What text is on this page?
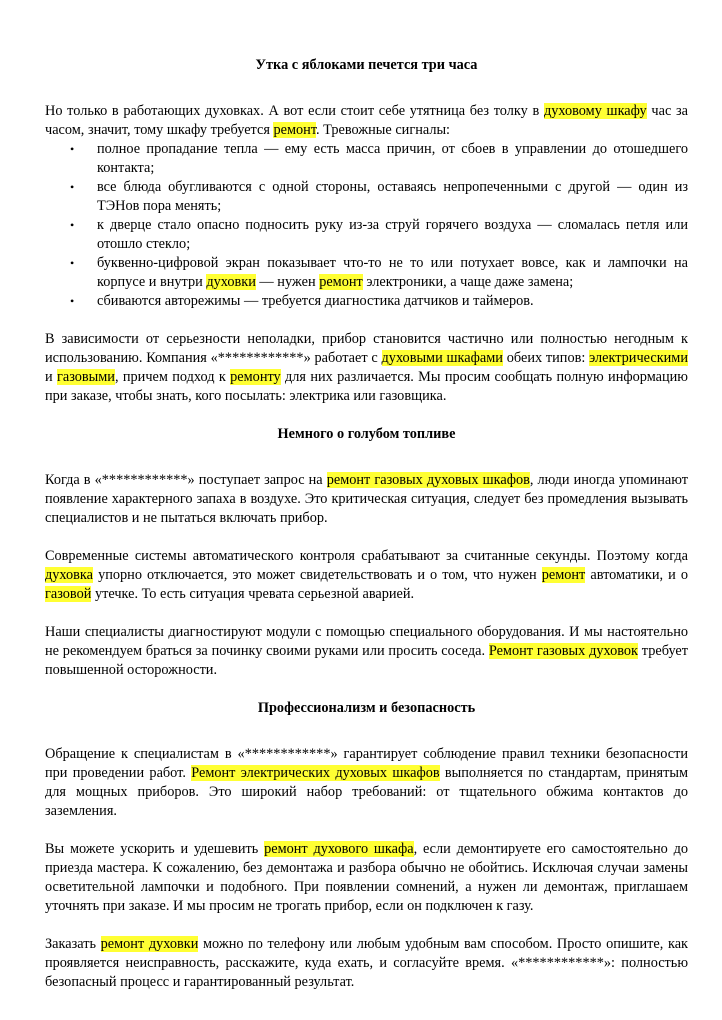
Утка с яблоками печется три часа

Но только в работающих духовках. А вот если стоит себе утятница без толку в духовому шкафу час за часом, значит, тому шкафу требуется ремонт. Тревожные сигналы:

• полное пропадание тепла — ему есть масса причин, от сбоев в управлении до отошедшего контакта;
• все блюда обугливаются с одной стороны, оставаясь непропеченными с другой — один из ТЭНов пора менять;
• к дверце стало опасно подносить руку из-за струй горячего воздуха — сломалась петля или отошло стекло;
• буквенно-цифровой экран показывает что-то не то или потухает вовсе, как и лампочки на корпусе и внутри духовки — нужен ремонт электроники, а чаще даже замена;
• сбиваются авторежимы — требуется диагностика датчиков и таймеров.

В зависимости от серьезности неполадки, прибор становится частично или полностью негодным к использованию. Компания «************» работает с духовыми шкафами обеих типов: электрическими и газовыми, причем подход к ремонту для них различается. Мы просим сообщать полную информацию при заказе, чтобы знать, кого посылать: электрика или газовщика.

Немного о голубом топливе

Когда в «************» поступает запрос на ремонт газовых духовых шкафов, люди иногда упоминают появление характерного запаха в воздухе. Это критическая ситуация, следует без промедления вызывать специалистов и не пытаться включать прибор.

Современные системы автоматического контроля срабатывают за считанные секунды. Поэтому когда духовка упорно отключается, это может свидетельствовать и о том, что нужен ремонт автоматики, и о газовой утечке. То есть ситуация чревата серьезной аварией.

Наши специалисты диагностируют модули с помощью специального оборудования. И мы настоятельно не рекомендуем браться за починку своими руками или просить соседа. Ремонт газовых духовок требует повышенной осторожности.

Профессионализм и безопасность

Обращение к специалистам в «************» гарантирует соблюдение правил техники безопасности при проведении работ. Ремонт электрических духовых шкафов выполняется по стандартам, принятым для мощных приборов. Это широкий набор требований: от тщательного обжима контактов до заземления.

Вы можете ускорить и удешевить ремонт духового шкафа, если демонтируете его самостоятельно до приезда мастера. К сожалению, без демонтажа и разбора обычно не обойтись. Исключая случаи замены осветительной лампочки и подобного. При появлении сомнений, а нужен ли демонтаж, приглашаем уточнять при заказе. И мы просим не трогать прибор, если он подключен к газу.

Заказать ремонт духовки можно по телефону или любым удобным вам способом. Просто опишите, как проявляется неисправность, расскажите, куда ехать, и согласуйте время. «************»: полностью безопасный процесс и гарантированный результат.
